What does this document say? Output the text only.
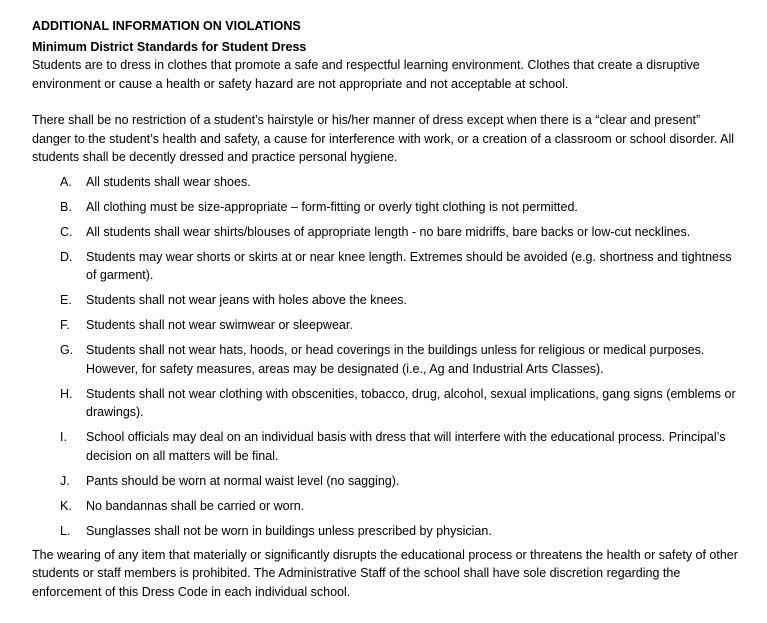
ADDITIONAL INFORMATION ON VIOLATIONS

Minimum District Standards for Student Dress

Students are to dress in clothes that promote a safe and respectful learning environment. Clothes that create a disruptive environment or cause a health or safety hazard are not appropriate and not acceptable at school.

There shall be no restriction of a student’s hairstyle or his/her manner of dress except when there is a “clear and present” danger to the student’s health and safety, a cause for interference with work, or a creation of a classroom or school disorder. All students shall be decently dressed and practice personal hygiene.

A.	All students shall wear shoes.
B.	All clothing must be size-appropriate – form-fitting or overly tight clothing is not permitted.
C.	All students shall wear shirts/blouses of appropriate length - no bare midriffs, bare backs or low-cut necklines.
D.	Students may wear shorts or skirts at or near knee length. Extremes should be avoided (e.g. shortness and tightness of garment).
E.	Students shall not wear jeans with holes above the knees.
F.	Students shall not wear swimwear or sleepwear.
G.	Students shall not wear hats, hoods, or head coverings in the buildings unless for religious or medical purposes. However, for safety measures, areas may be designated (i.e., Ag and Industrial Arts Classes).
H.	Students shall not wear clothing with obscenities, tobacco, drug, alcohol, sexual implications, gang signs (emblems or drawings).
I.	School officials may deal on an individual basis with dress that will interfere with the educational process. Principal’s decision on all matters will be final.
J.	Pants should be worn at normal waist level (no sagging).
K.	No bandannas shall be carried or worn.
L.	Sunglasses shall not be worn in buildings unless prescribed by physician.

The wearing of any item that materially or significantly disrupts the educational process or threatens the health or safety of other students or staff members is prohibited. The Administrative Staff of the school shall have sole discretion regarding the enforcement of this Dress Code in each individual school.
